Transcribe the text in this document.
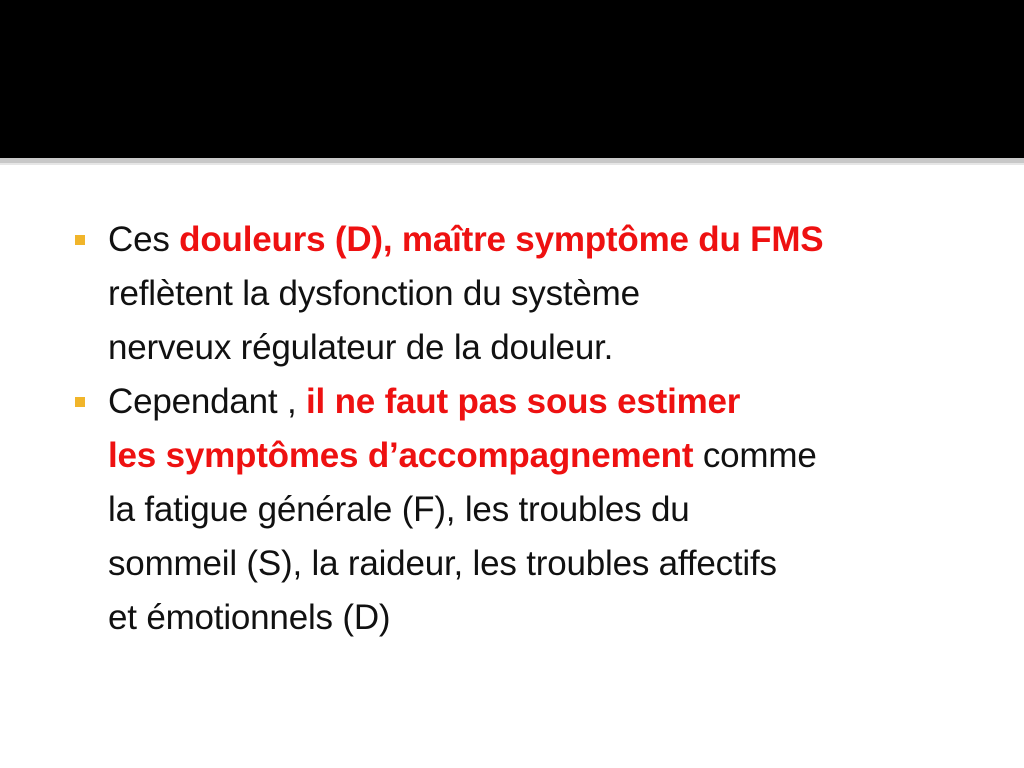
Ces douleurs (D), maître symptôme du FMS
reflètent la dysfonction du système
nerveux régulateur de la douleur.
Cependant , il ne faut pas sous estimer
les symptômes d’accompagnement comme
la fatigue générale (F), les troubles du
sommeil (S), la raideur, les troubles affectifs
et émotionnels (D)
